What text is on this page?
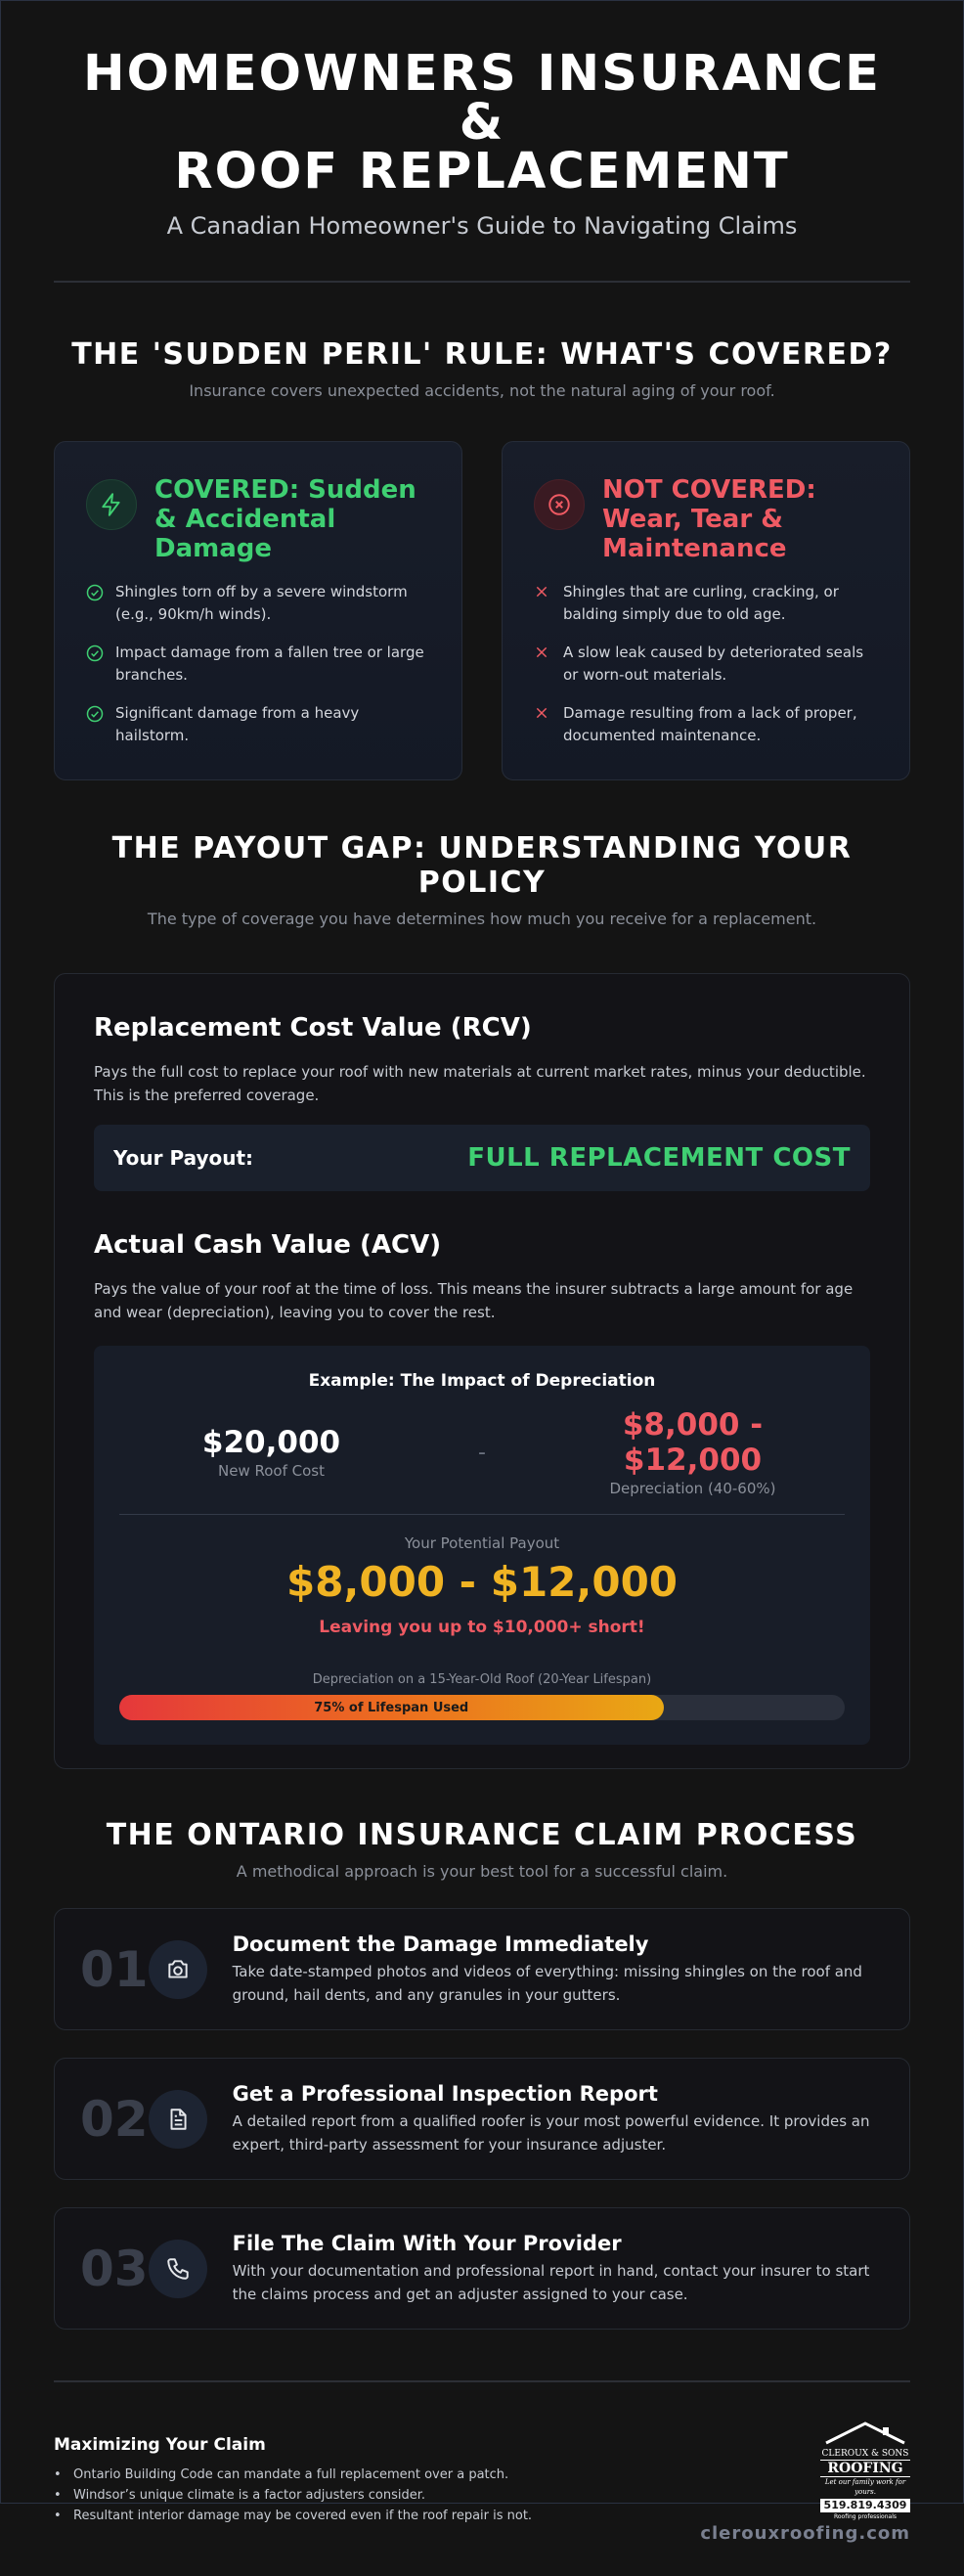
HOMEOWNERS INSURANCE &
ROOF REPLACEMENT
A Canadian Homeowner's Guide to Navigating Claims
THE 'SUDDEN PERIL' RULE: WHAT'S COVERED?
Insurance covers unexpected accidents, not the natural aging of your roof.
COVERED: Sudden & Accidental Damage
Shingles torn off by a severe windstorm (e.g., 90km/h winds).
Impact damage from a fallen tree or large branches.
Significant damage from a heavy hailstorm.
NOT COVERED: Wear, Tear & Maintenance
Shingles that are curling, cracking, or balding simply due to old age.
A slow leak caused by deteriorated seals or worn-out materials.
Damage resulting from a lack of proper, documented maintenance.
THE PAYOUT GAP: UNDERSTANDING YOUR POLICY
The type of coverage you have determines how much you receive for a replacement.
Replacement Cost Value (RCV)
Pays the full cost to replace your roof with new materials at current market rates, minus your deductible. This is the preferred coverage.
Your Payout:	FULL REPLACEMENT COST
Actual Cash Value (ACV)
Pays the value of your roof at the time of loss. This means the insurer subtracts a large amount for age and wear (depreciation), leaving you to cover the rest.
Example: The Impact of Depreciation
$20,000
New Roof Cost
-
$8,000 - $12,000
Depreciation (40-60%)
Your Potential Payout
$8,000 - $12,000
Leaving you up to $10,000+ short!
Depreciation on a 15-Year-Old Roof (20-Year Lifespan)
75% of Lifespan Used
THE ONTARIO INSURANCE CLAIM PROCESS
A methodical approach is your best tool for a successful claim.
01	Document the Damage Immediately
Take date-stamped photos and videos of everything: missing shingles on the roof and ground, hail dents, and any granules in your gutters.
02	Get a Professional Inspection Report
A detailed report from a qualified roofer is your most powerful evidence. It provides an expert, third-party assessment for your insurance adjuster.
03	File The Claim With Your Provider
With your documentation and professional report in hand, contact your insurer to start the claims process and get an adjuster assigned to your case.
Maximizing Your Claim
• Ontario Building Code can mandate a full replacement over a patch.
• Windsor’s unique climate is a factor adjusters consider.
• Resultant interior damage may be covered even if the roof repair is not.
CLEROUX & SONS
ROOFING
Let our family work for yours.
519.819.4309
Roofing professionals
clerouxroofing.com
